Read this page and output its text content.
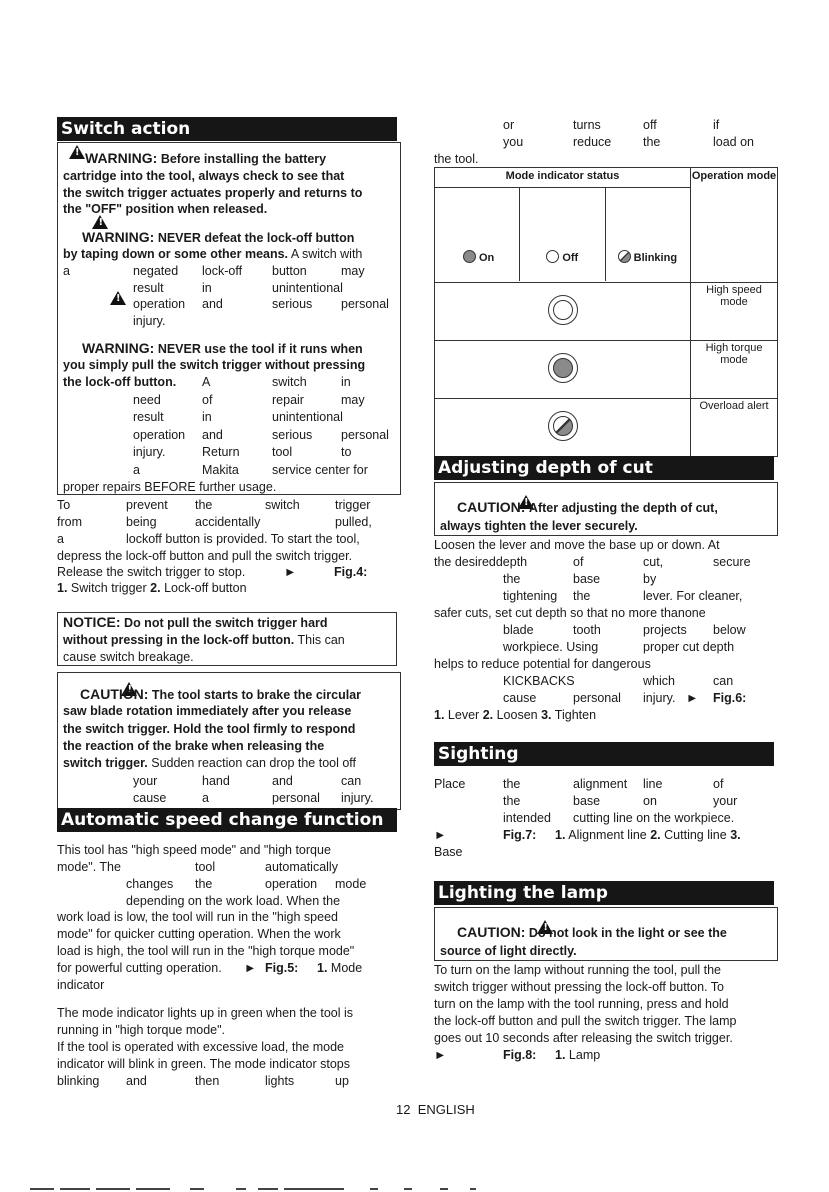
Switch action
!
WARNING: Before installing the battery
cartridge into the tool, always check to see that
the switch trigger actuates properly and returns to
the "OFF" position when released.
!
WARNING: NEVER defeat the lock-off button
by taping down or some other means. A switch with
a	negated lock-off button	may
result	in	unintentional
!
operation and	serious personal
injury.
WARNING: NEVER use the tool if it runs when
you simply pull the switch trigger without pressing
the lock-off button. A	switch	in
need	of	repair	may
result	in	unintentional
operation and	serious personal
injury.	Return	tool	to
a	Makita	service center for
proper repairs BEFORE further usage.
To	prevent the	switch	trigger
from	being	accidentally	pulled,
a	lockoff button is provided. To start the tool,
depress the lock-off button and pull the switch trigger.
Release the switch trigger to stop.	►	Fig.4:
1. Switch trigger 2. Lock-off button
NOTICE: Do not pull the switch trigger hard
without pressing in the lock-off button. This can
cause switch breakage.
!
CAUTION: The tool starts to brake the circular
saw blade rotation immediately after you release
the switch trigger. Hold the tool firmly to respond
the reaction of the brake when releasing the
switch trigger. Sudden reaction can drop the tool off
your	hand	and	can
cause	a	personal injury.
Automatic speed change function
This tool has "high speed mode" and "high torque
mode". The	tool	automatically
changes the	operation mode
depending on the work load. When the
work load is low, the tool will run in the "high speed
mode" for quicker cutting operation. When the work
load is high, the tool will run in the "high torque mode"
for powerful cutting operation. ► Fig.5: 1. Mode
indicator
The mode indicator lights up in green when the tool is
running in "high torque mode".
If the tool is operated with excessive load, the mode
indicator will blink in green. The mode indicator stops
blinking and	then	lights	up
or	turns	off	if
you	reduce	the	load on
the tool.
Mode indicator status
On Off Blinking	Operation mode

	High speed mode

	High torque mode

	Overload alert
Adjusting depth of cut
!
CAUTION: After adjusting the depth of cut,
always tighten the lever securely.
Loosen the lever and move the base up or down. At
the desireddepth	of	cut,	secure
the	base	by
tightening the	lever. For cleaner,
safer cuts, set cut depth so that no more thanone
blade	tooth	projects below
workpiece. Using	proper cut depth
helps to reduce potential for dangerous
KICKBACKS	which	can
cause	personal injury. ► Fig.6:
1. Lever 2. Loosen 3. Tighten
Sighting
Place	the	alignment line	of
the	base	on	your
intended cutting line on the workpiece.
►	Fig.7: 1. Alignment line 2. Cutting line 3.
Base
Lighting the lamp
!
CAUTION: Do not look in the light or see the
source of light directly.
To turn on the lamp without running the tool, pull the
switch trigger without pressing the lock-off button. To
turn on the lamp with the tool running, press and hold
the lock-off button and pull the switch trigger. The lamp
goes out 10 seconds after releasing the switch trigger.
►	Fig.8: 1. Lamp
12 ENGLISH
